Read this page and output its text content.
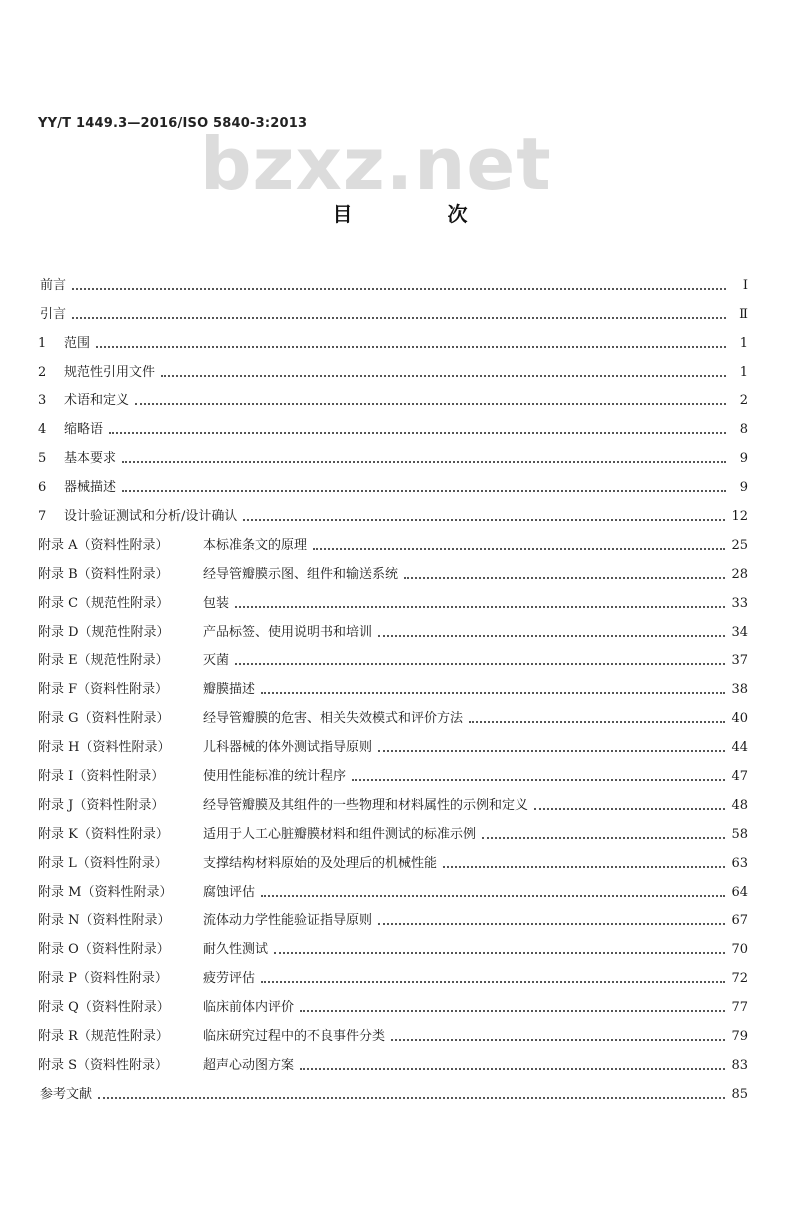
YY/T 1449.3—2016/ISO 5840-3:2013
bzxz.net
目 次
前言	Ⅰ
引言	Ⅱ
1	范围	1
2	规范性引用文件	1
3	术语和定义	2
4	缩略语	8
5	基本要求	9
6	器械描述	9
7	设计验证测试和分析/设计确认	12
附录 A（资料性附录）	本标准条文的原理	25
附录 B（资料性附录）	经导管瓣膜示图、组件和输送系统	28
附录 C（规范性附录）	包装	33
附录 D（规范性附录）	产品标签、使用说明书和培训	34
附录 E（规范性附录）	灭菌	37
附录 F（资料性附录）	瓣膜描述	38
附录 G（资料性附录）	经导管瓣膜的危害、相关失效模式和评价方法	40
附录 H（资料性附录）	儿科器械的体外测试指导原则	44
附录 I（资料性附录）	使用性能标准的统计程序	47
附录 J（资料性附录）	经导管瓣膜及其组件的一些物理和材料属性的示例和定义	48
附录 K（资料性附录）	适用于人工心脏瓣膜材料和组件测试的标准示例	58
附录 L（资料性附录）	支撑结构材料原始的及处理后的机械性能	63
附录 M（资料性附录）	腐蚀评估	64
附录 N（资料性附录）	流体动力学性能验证指导原则	67
附录 O（资料性附录）	耐久性测试	70
附录 P（资料性附录）	疲劳评估	72
附录 Q（资料性附录）	临床前体内评价	77
附录 R（规范性附录）	临床研究过程中的不良事件分类	79
附录 S（资料性附录）	超声心动图方案	83
参考文献	85
